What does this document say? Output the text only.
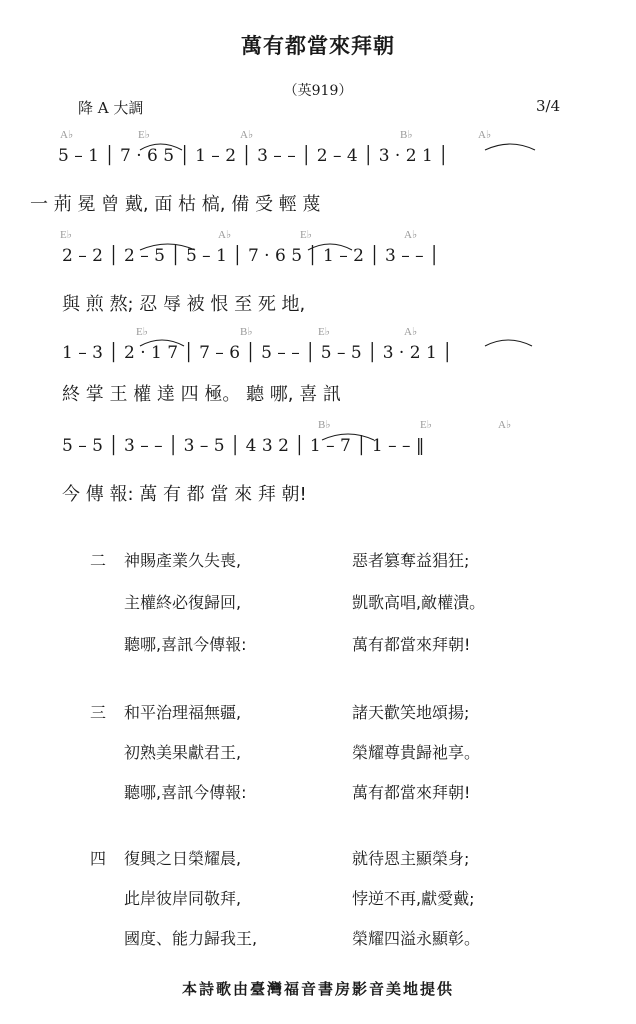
萬有都當來拜朝
（英919）
降 A 大調	3/4
A♭	E♭	A♭	B♭	A♭
5 – 1 │ 7 · 6 5 │ 1 – 2 │ 3 – – │ 2 – 4 │ 3 · 2 1 │
一 荊 冕 曾 戴, 面 枯 槁, 備 受 輕 蔑
E♭	A♭	E♭	A♭
2 – 2 │ 2 – 5 │ 5 – 1 │ 7 · 6 5 │ 1 – 2 │ 3 – – │
與 煎 熬; 忍 辱 被 恨 至 死 地,
E♭	B♭	E♭	A♭
1 – 3 │ 2 · 1 7 │ 7 – 6 │ 5 – – │ 5 – 5 │ 3 · 2 1 │
終 掌 王 權 達 四 極。 聽 哪, 喜 訊
B♭	E♭	A♭
5 – 5 │ 3 – – │ 3 – 5 │ 4 3 2 │ 1 – 7 │ 1 – – ‖
今 傳 報: 萬 有 都 當 來 拜 朝!
二 神賜產業久失喪,	惡者篡奪益猖狂;
主權終必復歸回,	凱歌高唱,敵權潰。
聽哪,喜訊今傳報:	萬有都當來拜朝!
三 和平治理福無疆,	諸天歡笑地頌揚;
初熟美果獻君王,	榮耀尊貴歸祂享。
聽哪,喜訊今傳報:	萬有都當來拜朝!
四 復興之日榮耀晨,	就待恩主顯榮身;
此岸彼岸同敬拜,	悖逆不再,獻愛戴;
國度、能力歸我王,	榮耀四溢永顯彰。
本詩歌由臺灣福音書房影音美地提供
